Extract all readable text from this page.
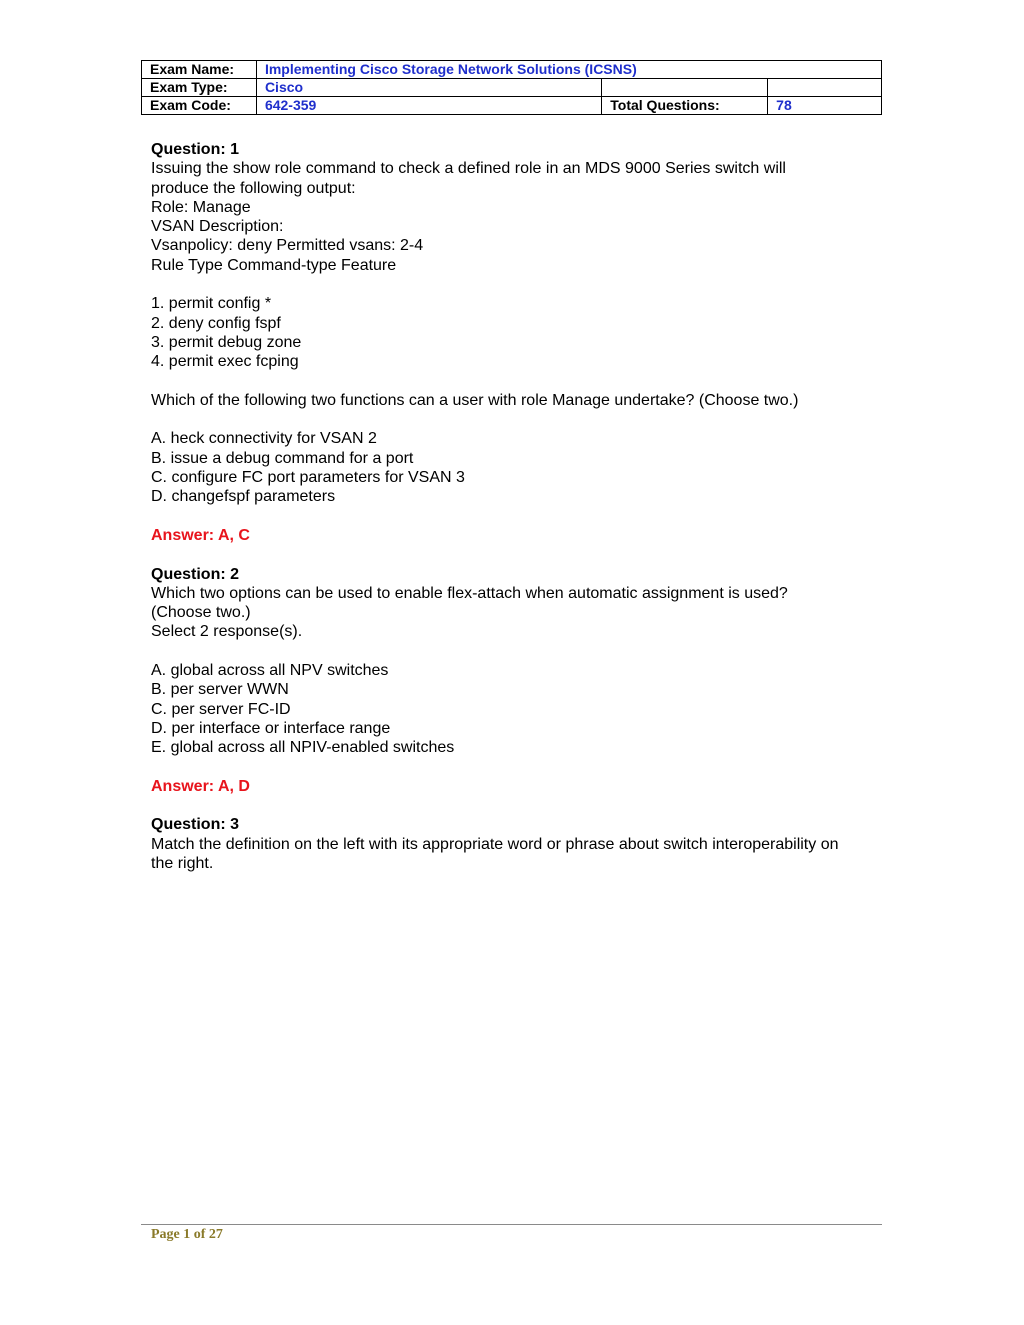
Exam Name:	Implementing Cisco Storage Network Solutions (ICSNS)		
Exam Type:	Cisco		
Exam Code:	642-359	Total Questions:	78

Question: 1

Issuing the show role command to check a defined role in an MDS 9000 Series switch will

produce the following output:

Role: Manage

VSAN Description:

Vsanpolicy: deny Permitted vsans: 2-4

Rule Type Command-type Feature

1. permit config *

2. deny config fspf

3. permit debug zone

4. permit exec fcping

Which of the following two functions can a user with role Manage undertake? (Choose two.)

A. heck connectivity for VSAN 2

B. issue a debug command for a port

C. configure FC port parameters for VSAN 3

D. changefspf parameters

Answer: A, C

Question: 2

Which two options can be used to enable flex-attach when automatic assignment is used?

(Choose two.)

Select 2 response(s).

A. global across all NPV switches

B. per server WWN

C. per server FC-ID

D. per interface or interface range

E. global across all NPIV-enabled switches

Answer: A, D

Question: 3

Match the definition on the left with its appropriate word or phrase about switch interoperability on

the right.

Page 1 of 27
